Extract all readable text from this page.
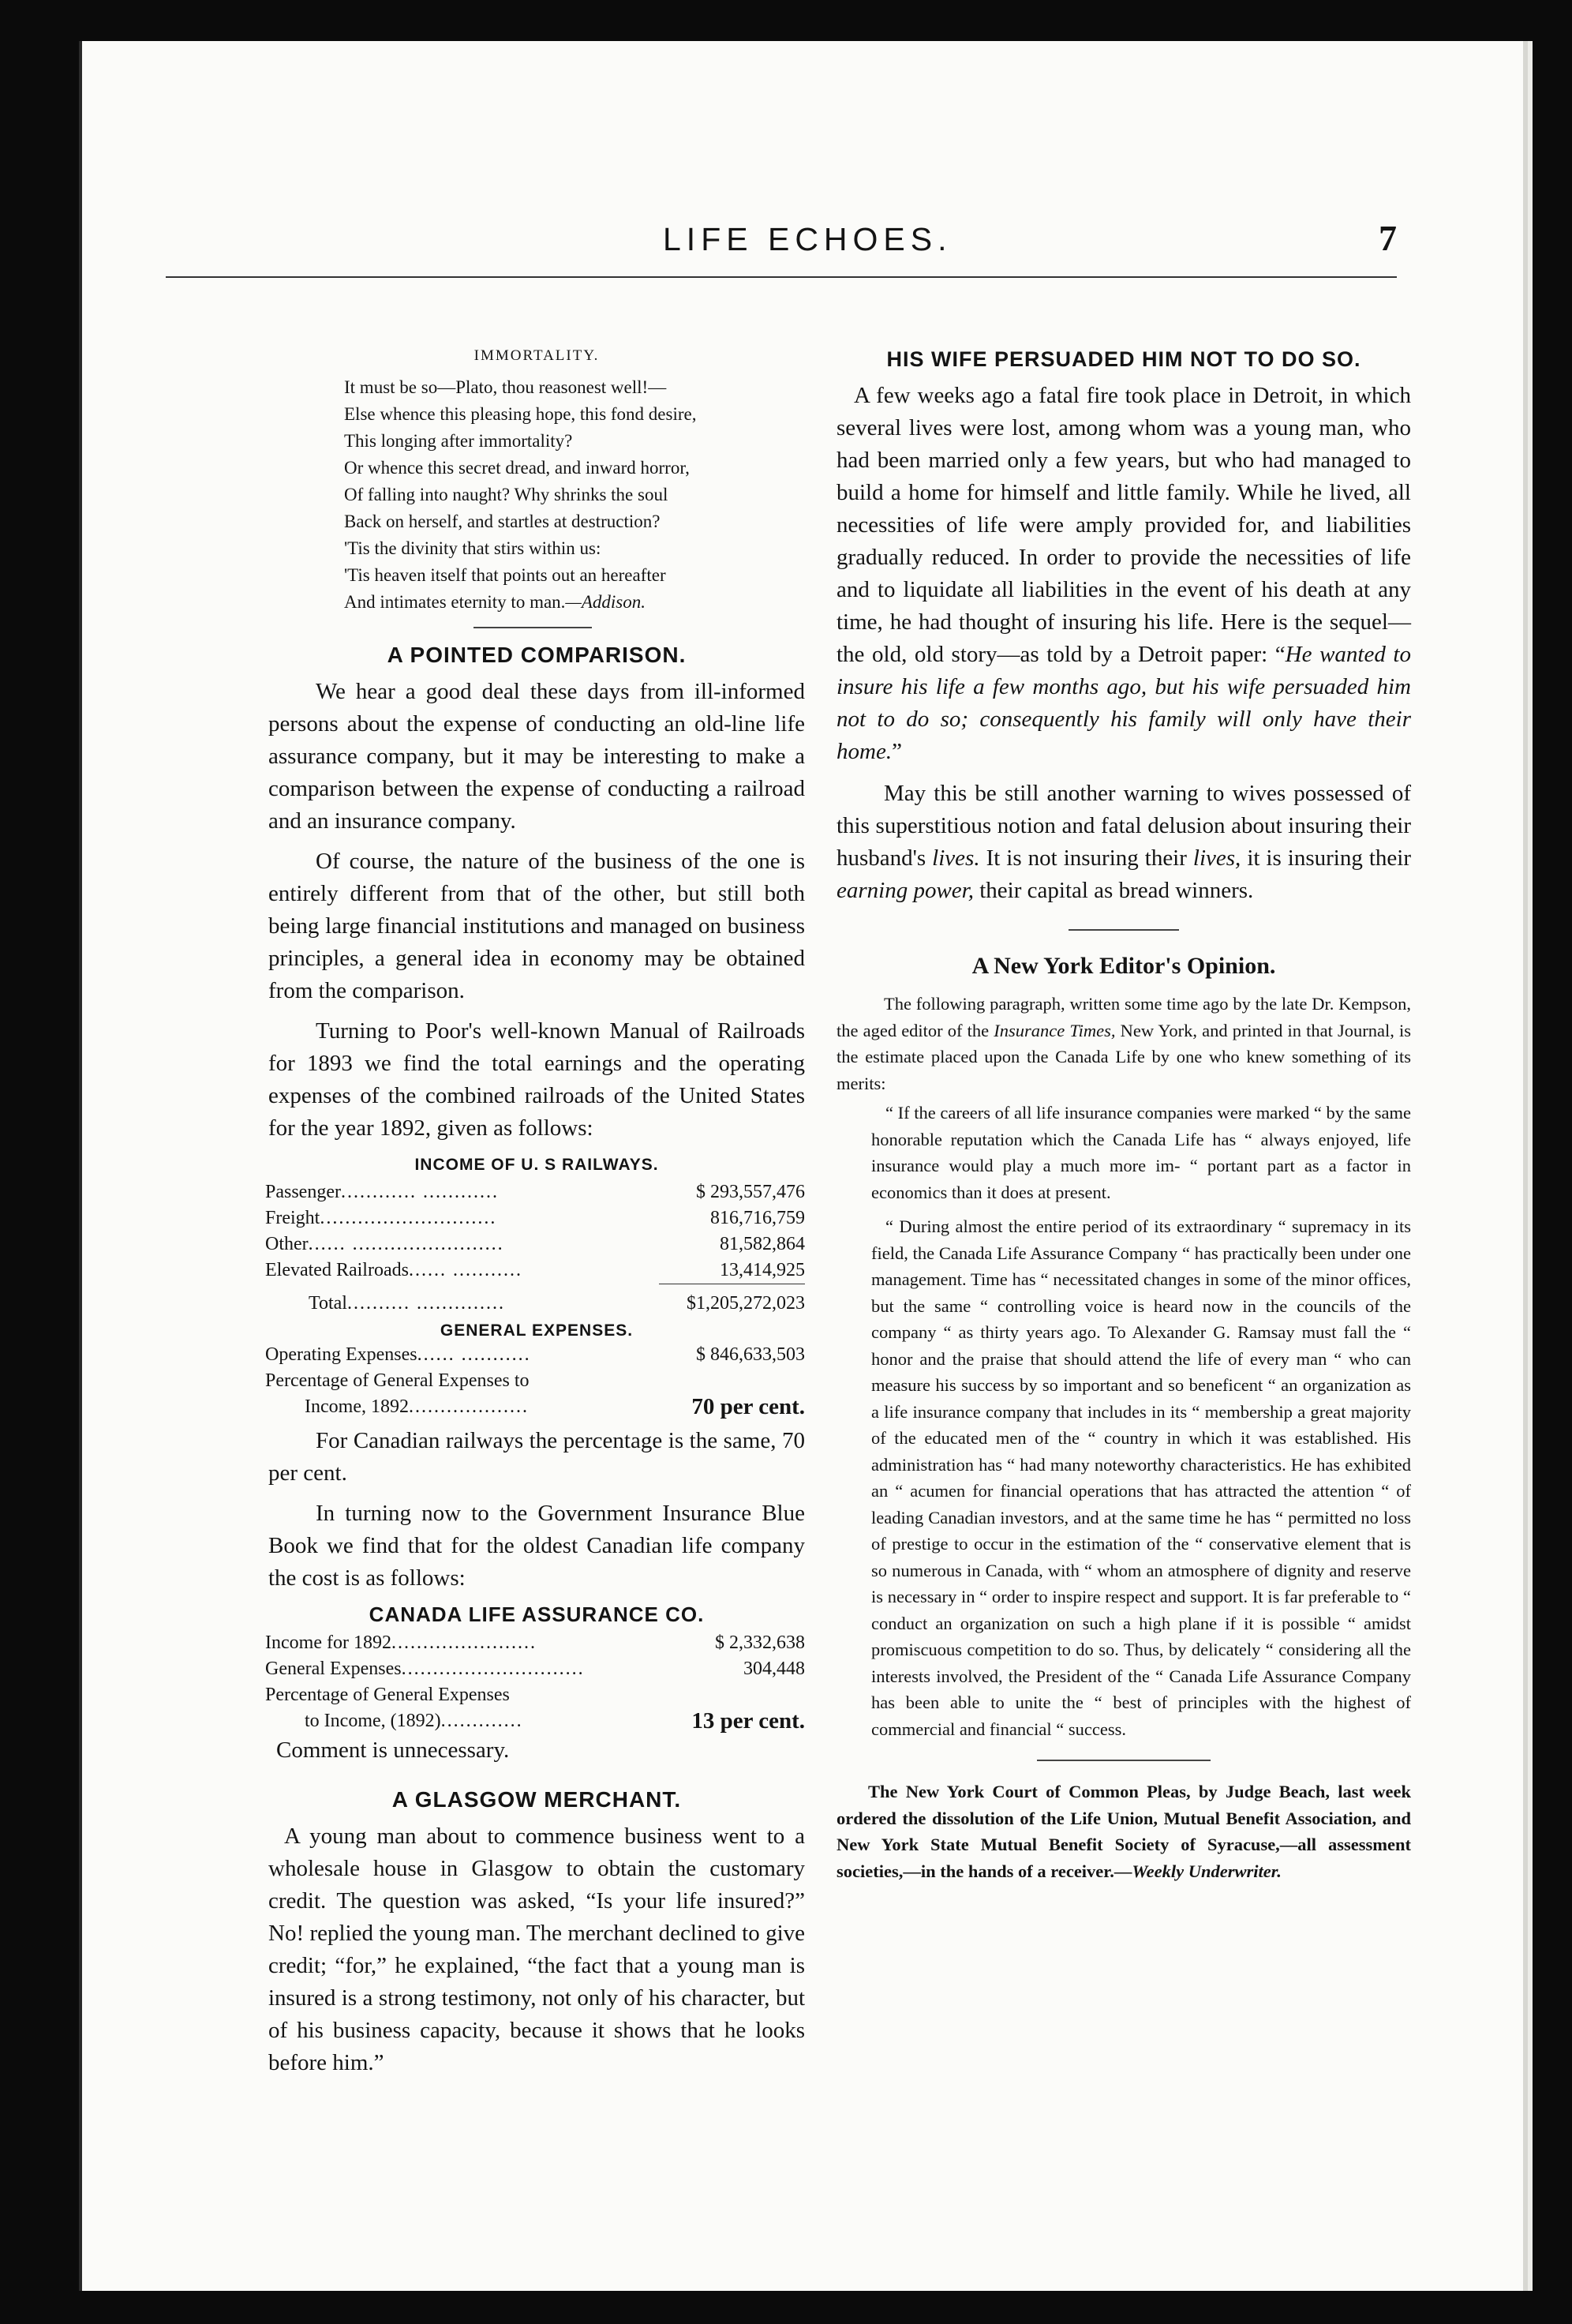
LIFE ECHOES.	7
IMMORTALITY.
It must be so—Plato, thou reasonest well!—
Else whence this pleasing hope, this fond desire,
This longing after immortality?
Or whence this secret dread, and inward horror,
Of falling into naught? Why shrinks the soul
Back on herself, and startles at destruction?
'Tis the divinity that stirs within us:
'Tis heaven itself that points out an hereafter
And intimates eternity to man.—Addison.
A POINTED COMPARISON.

We hear a good deal these days from ill-informed persons about the expense of conducting an old-line life assurance company, but it may be interesting to make a comparison between the expense of conducting a railroad and an insurance company.

Of course, the nature of the business of the one is entirely different from that of the other, but still both being large financial institutions and managed on business principles, a general idea in economy may be obtained from the comparison.

Turning to Poor's well-known Manual of Railroads for 1893 we find the total earnings and the operating expenses of the combined railroads of the United States for the year 1892, given as follows:

INCOME OF U. S RAILWAYS.
Passenger............ ............	$ 293,557,476
Freight............................	816,716,759
Other...... ........................	81,582,864
Elevated Railroads...... ...........	13,414,925
Total.......... ..............	$1,205,272,023
GENERAL EXPENSES.
Operating Expenses...... ...........	$ 846,633,503
Percentage of General Expenses to	
Income, 1892...................	70 per cent.

For Canadian railways the percentage is the same, 70 per cent.

In turning now to the Government Insurance Blue Book we find that for the oldest Canadian life company the cost is as follows:

CANADA LIFE ASSURANCE CO.
Income for 1892.......................	$ 2,332,638
General Expenses.............................	304,448
Percentage of General Expenses	
to Income, (1892).............	13 per cent.
Comment is unnecessary.
A GLASGOW MERCHANT.

A young man about to commence business went to a wholesale house in Glasgow to obtain the customary credit. The question was asked, “Is your life insured?” No! replied the young man. The merchant declined to give credit; “for,” he explained, “the fact that a young man is insured is a strong testimony, not only of his character, but of his business capacity, because it shows that he looks before him.”

HIS WIFE PERSUADED HIM NOT TO DO SO.

A few weeks ago a fatal fire took place in Detroit, in which several lives were lost, among whom was a young man, who had been married only a few years, but who had managed to build a home for himself and little family. While he lived, all necessities of life were amply provided for, and liabilities gradually reduced. In order to provide the necessities of life and to liquidate all liabilities in the event of his death at any time, he had thought of insuring his life. Here is the sequel—the old, old story—as told by a Detroit paper: “He wanted to insure his life a few months ago, but his wife persuaded him not to do so; consequently his family will only have their home.”

May this be still another warning to wives possessed of this superstitious notion and fatal delusion about insuring their husband's lives. It is not insuring their lives, it is insuring their earning power, their capital as bread winners.

A New York Editor's Opinion.

The following paragraph, written some time ago by the late Dr. Kempson, the aged editor of the Insurance Times, New York, and printed in that Journal, is the estimate placed upon the Canada Life by one who knew something of its merits:

“ If the careers of all life insurance companies were marked “ by the same honorable reputation which the Canada Life has “ always enjoyed, life insurance would play a much more im- “ portant part as a factor in economics than it does at present.

“ During almost the entire period of its extraordinary “ supremacy in its field, the Canada Life Assurance Company “ has practically been under one management. Time has “ necessitated changes in some of the minor offices, but the same “ controlling voice is heard now in the councils of the company “ as thirty years ago. To Alexander G. Ramsay must fall the “ honor and the praise that should attend the life of every man “ who can measure his success by so important and so beneficent “ an organization as a life insurance company that includes in its “ membership a great majority of the educated men of the “ country in which it was established. His administration has “ had many noteworthy characteristics. He has exhibited an “ acumen for financial operations that has attracted the attention “ of leading Canadian investors, and at the same time he has “ permitted no loss of prestige to occur in the estimation of the “ conservative element that is so numerous in Canada, with “ whom an atmosphere of dignity and reserve is necessary in “ order to inspire respect and support. It is far preferable to “ conduct an organization on such a high plane if it is possible “ amidst promiscuous competition to do so. Thus, by delicately “ considering all the interests involved, the President of the “ Canada Life Assurance Company has been able to unite the “ best of principles with the highest of commercial and financial “ success.

The New York Court of Common Pleas, by Judge Beach, last week ordered the dissolution of the Life Union, Mutual Benefit Association, and New York State Mutual Benefit Society of Syracuse,—all assessment societies,—in the hands of a receiver.—Weekly Underwriter.
